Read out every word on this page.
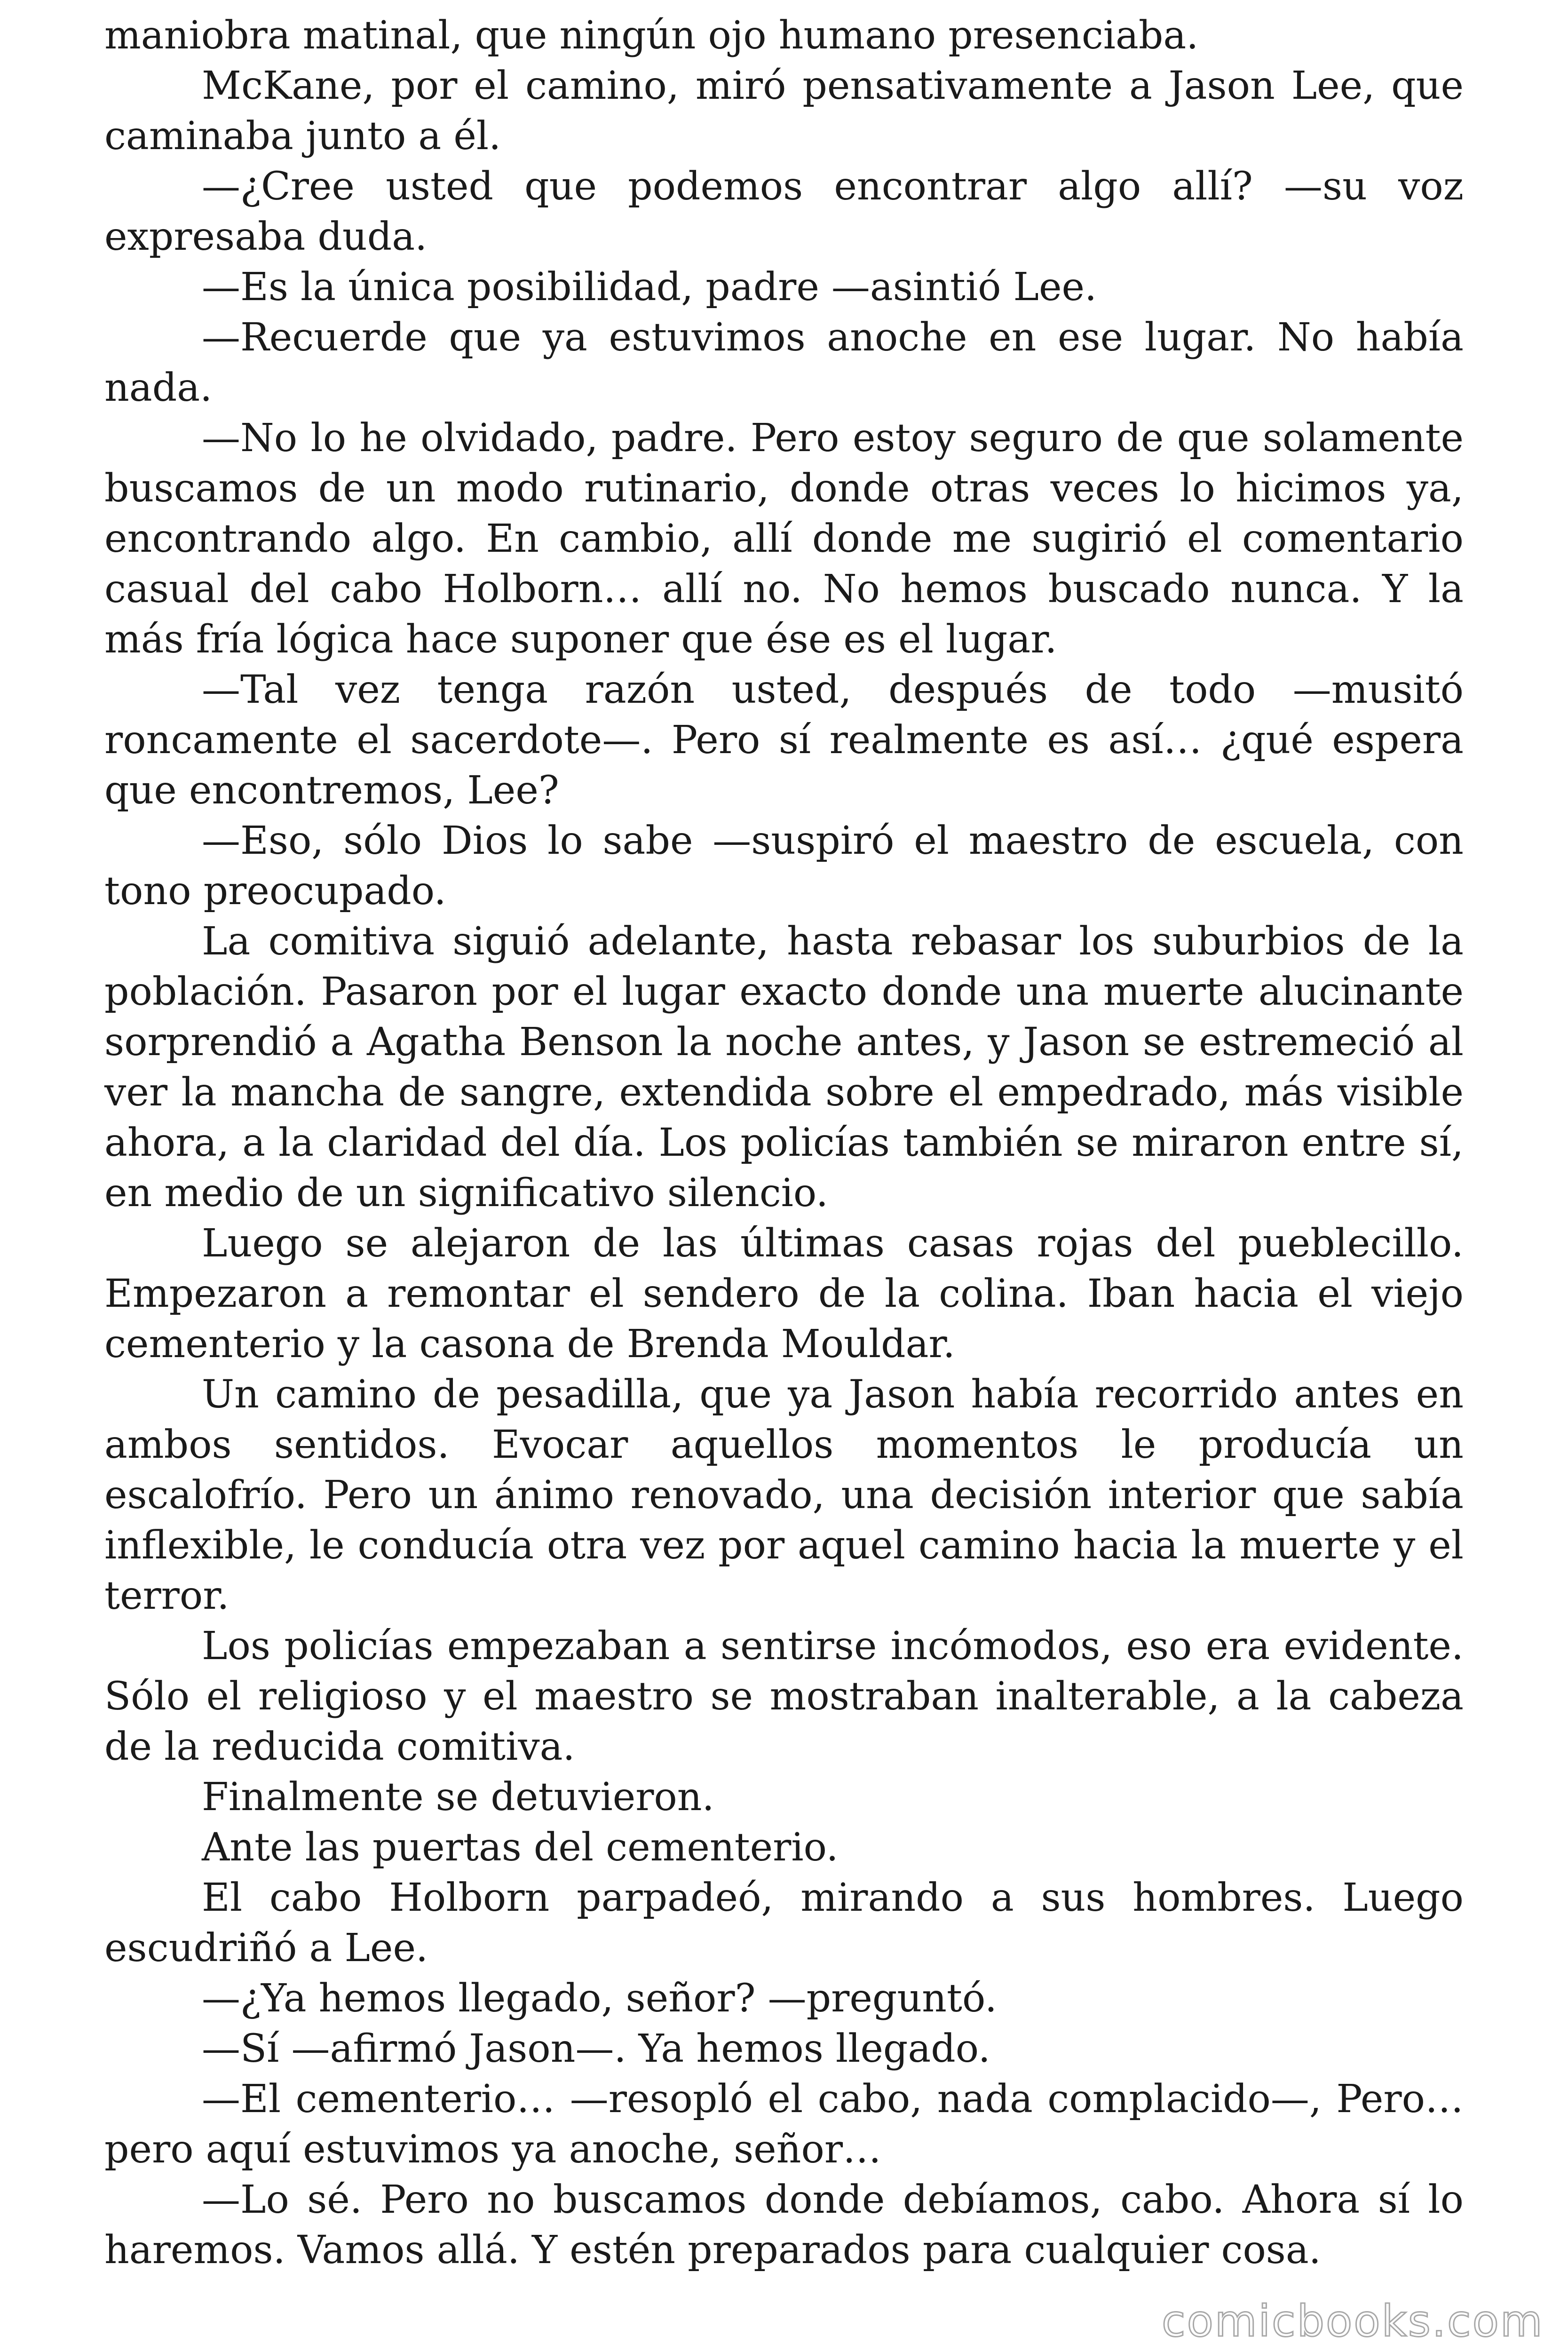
maniobra matinal, que ningún ojo humano presenciaba.

McKane, por el camino, miró pensativamente a Jason Lee, que caminaba junto a él.

—¿Cree usted que podemos encontrar algo allí? —su voz expresaba duda.

—Es la única posibilidad, padre —asintió Lee.

—Recuerde que ya estuvimos anoche en ese lugar. No había nada.

—No lo he olvidado, padre. Pero estoy seguro de que solamente buscamos de un modo rutinario, donde otras veces lo hicimos ya, encontrando algo. En cambio, allí donde me sugirió el comentario casual del cabo Holborn… allí no. No hemos buscado nunca. Y la más fría lógica hace suponer que ése es el lugar.

—Tal vez tenga razón usted, después de todo —musitó roncamente el sacerdote—. Pero sí realmente es así… ¿qué espera que encontremos, Lee?

—Eso, sólo Dios lo sabe —suspiró el maestro de escuela, con tono preocupado.

La comitiva siguió adelante, hasta rebasar los suburbios de la población. Pasaron por el lugar exacto donde una muerte alucinante sorprendió a Agatha Benson la noche antes, y Jason se estremeció al ver la mancha de sangre, extendida sobre el empedrado, más visible ahora, a la claridad del día. Los policías también se miraron entre sí, en medio de un significativo silencio.

Luego se alejaron de las últimas casas rojas del pueblecillo. Empezaron a remontar el sendero de la colina. Iban hacia el viejo cementerio y la casona de Brenda Mouldar.

Un camino de pesadilla, que ya Jason había recorrido antes en ambos sentidos. Evocar aquellos momentos le producía un escalofrío. Pero un ánimo renovado, una decisión interior que sabía inflexible, le conducía otra vez por aquel camino hacia la muerte y el terror.

Los policías empezaban a sentirse incómodos, eso era evidente. Sólo el religioso y el maestro se mostraban inalterable, a la cabeza de la reducida comitiva.

Finalmente se detuvieron.

Ante las puertas del cementerio.

El cabo Holborn parpadeó, mirando a sus hombres. Luego escudriñó a Lee.

—¿Ya hemos llegado, señor? —preguntó.

—Sí —afirmó Jason—. Ya hemos llegado.

—El cementerio… —resopló el cabo, nada complacido—, Pero… pero aquí estuvimos ya anoche, señor…

—Lo sé. Pero no buscamos donde debíamos, cabo. Ahora sí lo haremos. Vamos allá. Y estén preparados para cualquier cosa.

comicbooks.com
